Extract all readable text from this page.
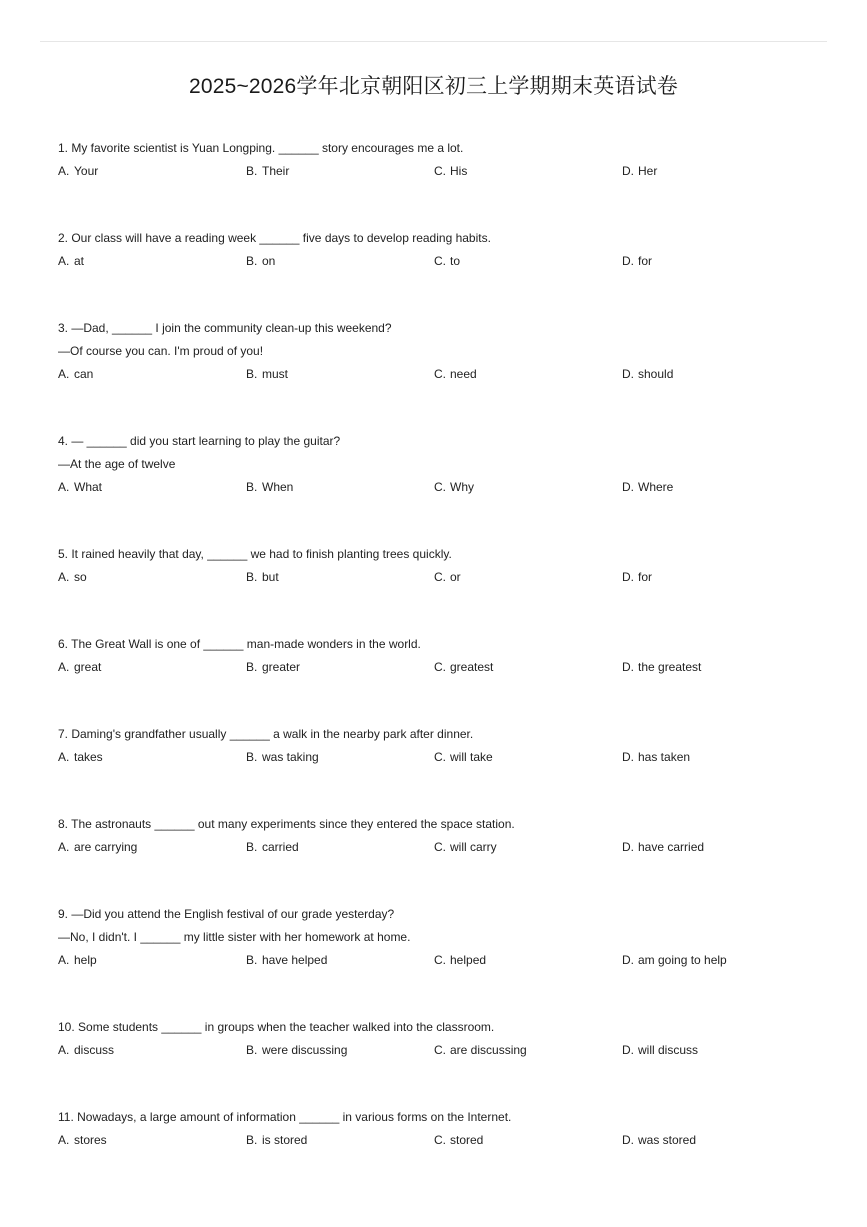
2025~2026学年北京朝阳区初三上学期期末英语试卷
1. My favorite scientist is Yuan Longping. ______ story encourages me a lot.
A. Your	B. Their	C. His	D. Her
2. Our class will have a reading week ______ five days to develop reading habits.
A. at	B. on	C. to	D. for
3. —Dad, ______ I join the community clean-up this weekend?
—Of course you can. I'm proud of you!
A. can	B. must	C. need	D. should
4. — ______ did you start learning to play the guitar?
—At the age of twelve
A. What	B. When	C. Why	D. Where
5. It rained heavily that day, ______ we had to finish planting trees quickly.
A. so	B. but	C. or	D. for
6. The Great Wall is one of ______ man-made wonders in the world.
A. great	B. greater	C. greatest	D. the greatest
7. Daming's grandfather usually ______ a walk in the nearby park after dinner.
A. takes	B. was taking	C. will take	D. has taken
8. The astronauts ______ out many experiments since they entered the space station.
A. are carrying	B. carried	C. will carry	D. have carried
9. —Did you attend the English festival of our grade yesterday?
—No, I didn't. I ______ my little sister with her homework at home.
A. help	B. have helped	C. helped	D. am going to help
10. Some students ______ in groups when the teacher walked into the classroom.
A. discuss	B. were discussing	C. are discussing	D. will discuss
11. Nowadays, a large amount of information ______ in various forms on the Internet.
A. stores	B. is stored	C. stored	D. was stored
